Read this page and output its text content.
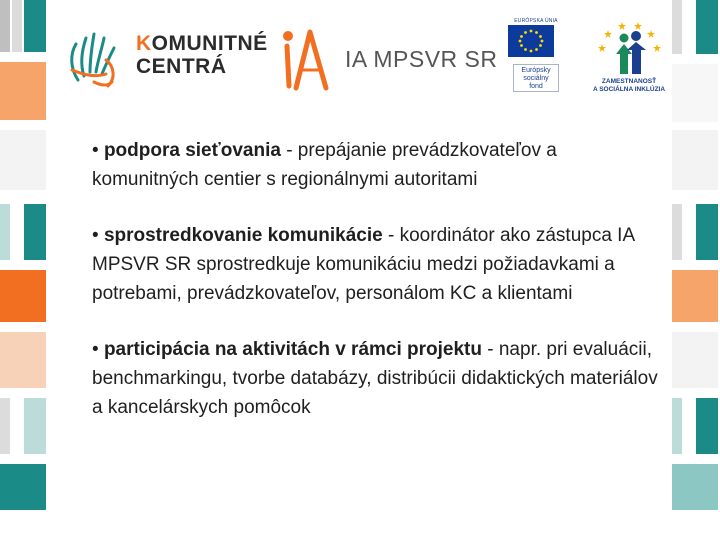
KOMUNITNÉ
CENTRÁ	IA MPSVR SR
EURÓPSKA ÚNIA
Európsky
sociálny
fond
ZAMESTNANOSŤ
A SOCIÁLNA INKLÚZIA
• podpora sieťovania - prepájanie prevádzkovateľov a komunitných centier s regionálnymi autoritami
• sprostredkovanie komunikácie - koordinátor ako zástupca IA MPSVR SR sprostredkuje komunikáciu medzi požiadavkami a potrebami, prevádzkovateľov, personálom KC a klientami
• participácia na aktivitách v rámci projektu - napr. pri evaluácii, benchmarkingu, tvorbe databázy, distribúcii didaktických materiálov a kancelárskych pomôcok
